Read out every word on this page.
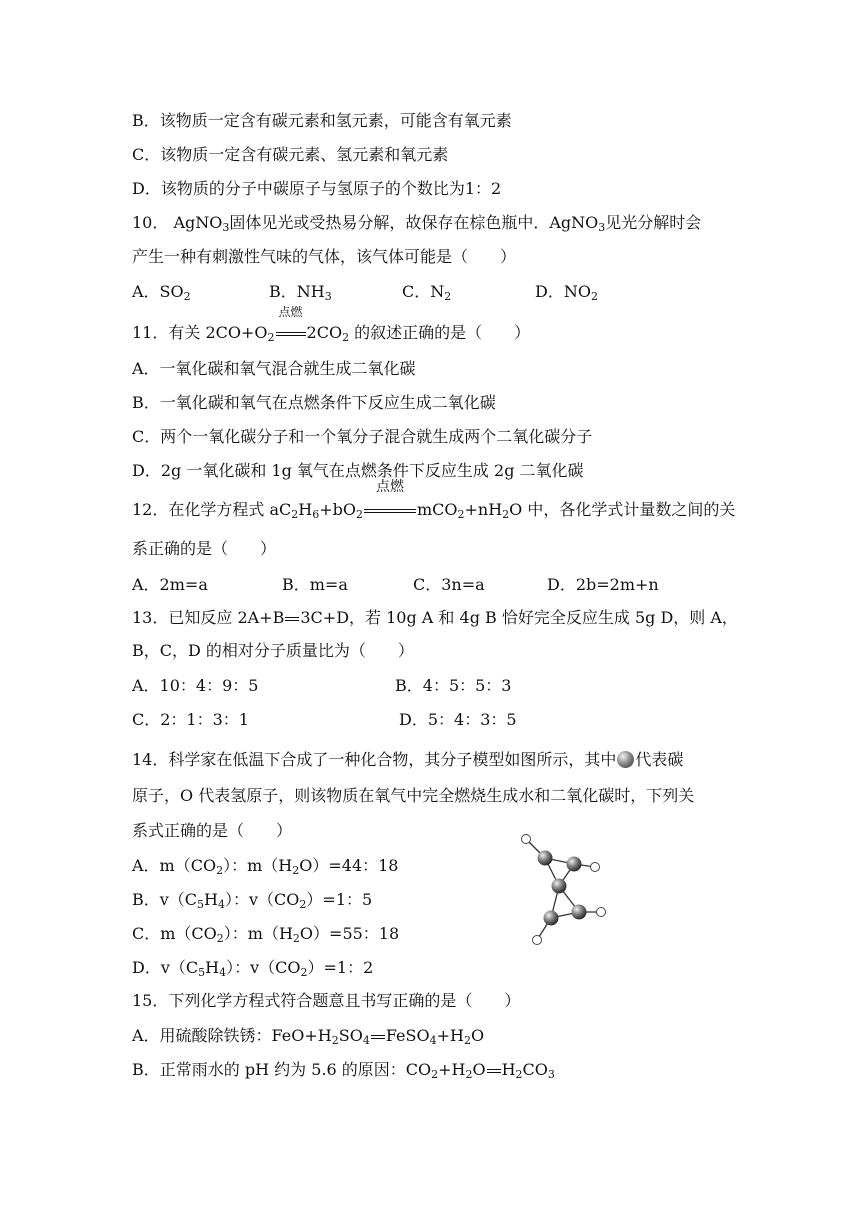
B．该物质一定含有碳元素和氢元素，可能含有氧元素
C．该物质一定含有碳元素、氢元素和氧元素
D．该物质的分子中碳原子与氢原子的个数比为1：2
10． AgNO$_3$固体见光或受热易分解，故保存在棕色瓶中．AgNO$_3$见光分解时会
产生一种有刺激性气味的气体，该气体可能是（　　）
A．$SO_2$	B．$NH_3$	C．$N_2$	D．$NO_2$
11．有关 $2CO+O_2$
点燃
$2CO_2$ 的叙述正确的是（　　）
A．一氧化碳和氧气混合就生成二氧化碳
B．一氧化碳和氧气在点燃条件下反应生成二氧化碳
C．两个一氧化碳分子和一个氧分子混合就生成两个二氧化碳分子
D．2g 一氧化碳和 1g 氧气在点燃条件下反应生成 2g 二氧化碳
12．在化学方程式 $aC_2H_6+bO_2$
点燃
$mCO_2+nH_2O$ 中，各化学式计量数之间的关
系正确的是（　　）
A．2m=a	B．m=a	C．3n=a	D．2b=2m+n
13．已知反应 2A+B 3C+D，若 10g A 和 4g B 恰好完全反应生成 5g D，则 A，
B，C，D 的相对分子质量比为（　　）
A．10：4：9：5	B．4：5：5：3
C．2：1：3：1	D．5：4：3：5
14．科学家在低温下合成了一种化合物，其分子模型如图所示，其中 代表碳
原子，O 代表氢原子，则该物质在氧气中完全燃烧生成水和二氧化碳时，下列关
系式正确的是（　　）
A．$m(CO_2)$：$m(H_2O)=44$：18
B．$v(C_5H_4)$：$v(CO_2)=1$：5
C．$m(CO_2)$：$m(H_2O)=55$：18
D．$v(C_5H_4)$：$v(CO_2)=1$：2
15．下列化学方程式符合题意且书写正确的是（　　）
A．用硫酸除铁锈：$FeO+H_2SO_4$ $FeSO_4+H_2O$
B．正常雨水的 pH 约为 5.6 的原因：$CO_2+H_2O$ $H_2CO_3$
